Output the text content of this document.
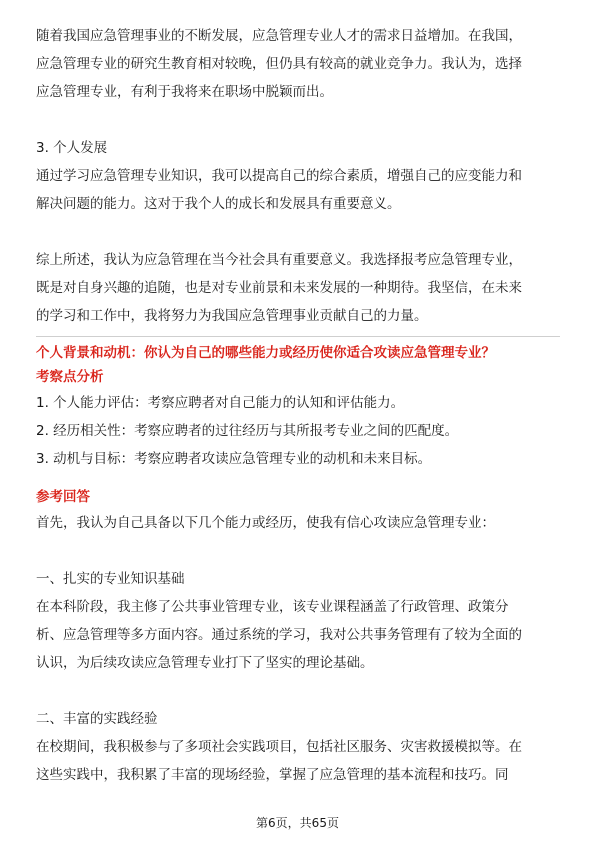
随着我国应急管理事业的不断发展，应急管理专业人才的需求日益增加。在我国，

应急管理专业的研究生教育相对较晚，但仍具有较高的就业竞争力。我认为，选择

应急管理专业，有利于我将来在职场中脱颖而出。

3. 个人发展

通过学习应急管理专业知识，我可以提高自己的综合素质，增强自己的应变能力和

解决问题的能力。这对于我个人的成长和发展具有重要意义。

综上所述，我认为应急管理在当今社会具有重要意义。我选择报考应急管理专业，

既是对自身兴趣的追随，也是对专业前景和未来发展的一种期待。我坚信，在未来

的学习和工作中，我将努力为我国应急管理事业贡献自己的力量。

个人背景和动机：你认为自己的哪些能力或经历使你适合攻读应急管理专业？
考察点分析

1. 个人能力评估：考察应聘者对自己能力的认知和评估能力。

2. 经历相关性：考察应聘者的过往经历与其所报考专业之间的匹配度。

3. 动机与目标：考察应聘者攻读应急管理专业的动机和未来目标。

参考回答

首先，我认为自己具备以下几个能力或经历，使我有信心攻读应急管理专业：

一、扎实的专业知识基础

在本科阶段，我主修了公共事业管理专业，该专业课程涵盖了行政管理、政策分

析、应急管理等多方面内容。通过系统的学习，我对公共事务管理有了较为全面的

认识，为后续攻读应急管理专业打下了坚实的理论基础。

二、丰富的实践经验

在校期间，我积极参与了多项社会实践项目，包括社区服务、灾害救援模拟等。在

这些实践中，我积累了丰富的现场经验，掌握了应急管理的基本流程和技巧。同

第6页，共65页
